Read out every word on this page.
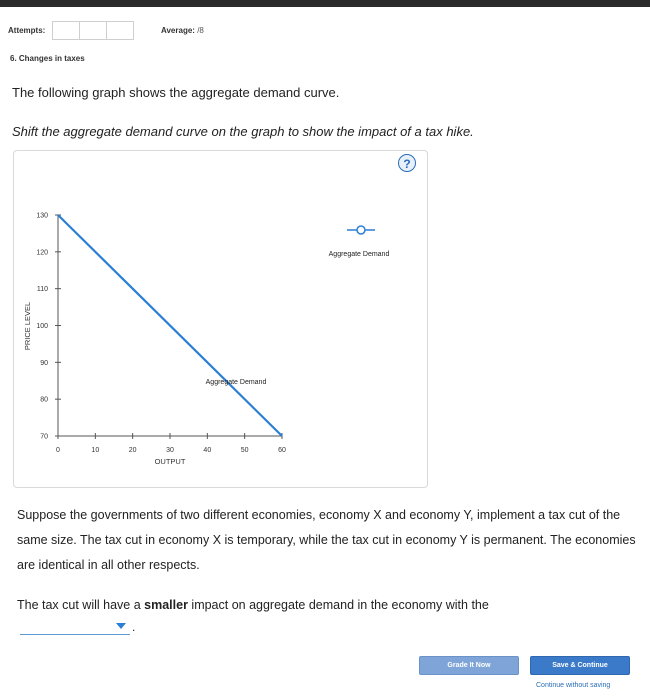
Attempts:	Average: /8
6. Changes in taxes
The following graph shows the aggregate demand curve.
Shift the aggregate demand curve on the graph to show the impact of a tax hike.
?
70
80
90
100
110
120
130
0	10	20	30	40	50	60
PRICE LEVEL
OUTPUT
Aggregate Demand
Aggregate Demand
Suppose the governments of two different economies, economy X and economy Y, implement a tax cut of the same size. The tax cut in economy X is temporary, while the tax cut in economy Y is permanent. The economies are identical in all other respects.
The tax cut will have a smaller impact on aggregate demand in the economy with the
.
Grade It Now	Save & Continue
Continue without saving
